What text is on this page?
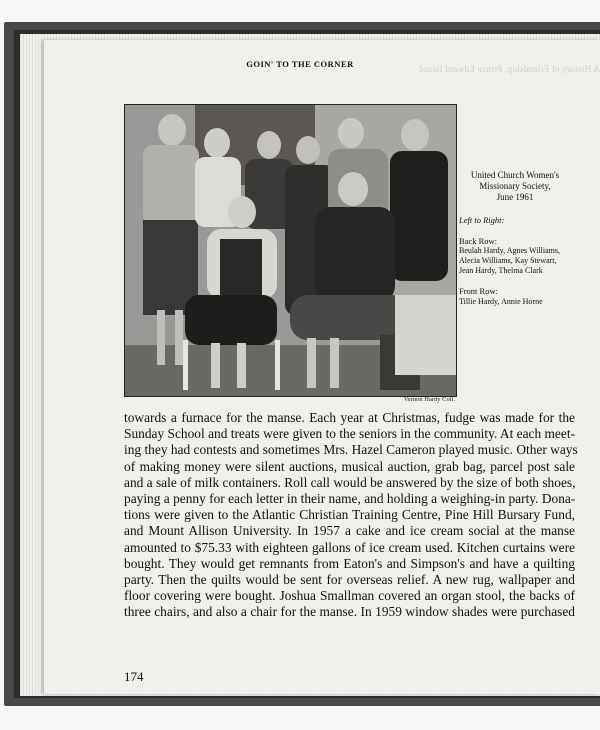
A History of Friendship, Prince Edward Island
GOIN' TO THE CORNER
Vernon Hardy Coll.
United Church Women's
Missionary Society,
June 1961
Left to Right:
Back Row:
Beulah Hardy, Agnes Williams, Alecia Williams, Kay Stewart, Jean Hardy, Thelma Clark
Front Row:
Tillie Hardy, Annie Horne
towards a furnace for the manse. Each year at Christmas, fudge was made for the
Sunday School and treats were given to the seniors in the community. At each meet-
ing they had contests and sometimes Mrs. Hazel Cameron played music. Other ways
of making money were silent auctions, musical auction, grab bag, parcel post sale
and a sale of milk containers. Roll call would be answered by the size of both shoes,
paying a penny for each letter in their name, and holding a weighing-in party. Dona-
tions were given to the Atlantic Christian Training Centre, Pine Hill Bursary Fund,
and Mount Allison University. In 1957 a cake and ice cream social at the manse
amounted to $75.33 with eighteen gallons of ice cream used. Kitchen curtains were
bought. They would get remnants from Eaton's and Simpson's and have a quilting
party. Then the quilts would be sent for overseas relief. A new rug, wallpaper and
floor covering were bought. Joshua Smallman covered an organ stool, the backs of
three chairs, and also a chair for the manse. In 1959 window shades were purchased
174
